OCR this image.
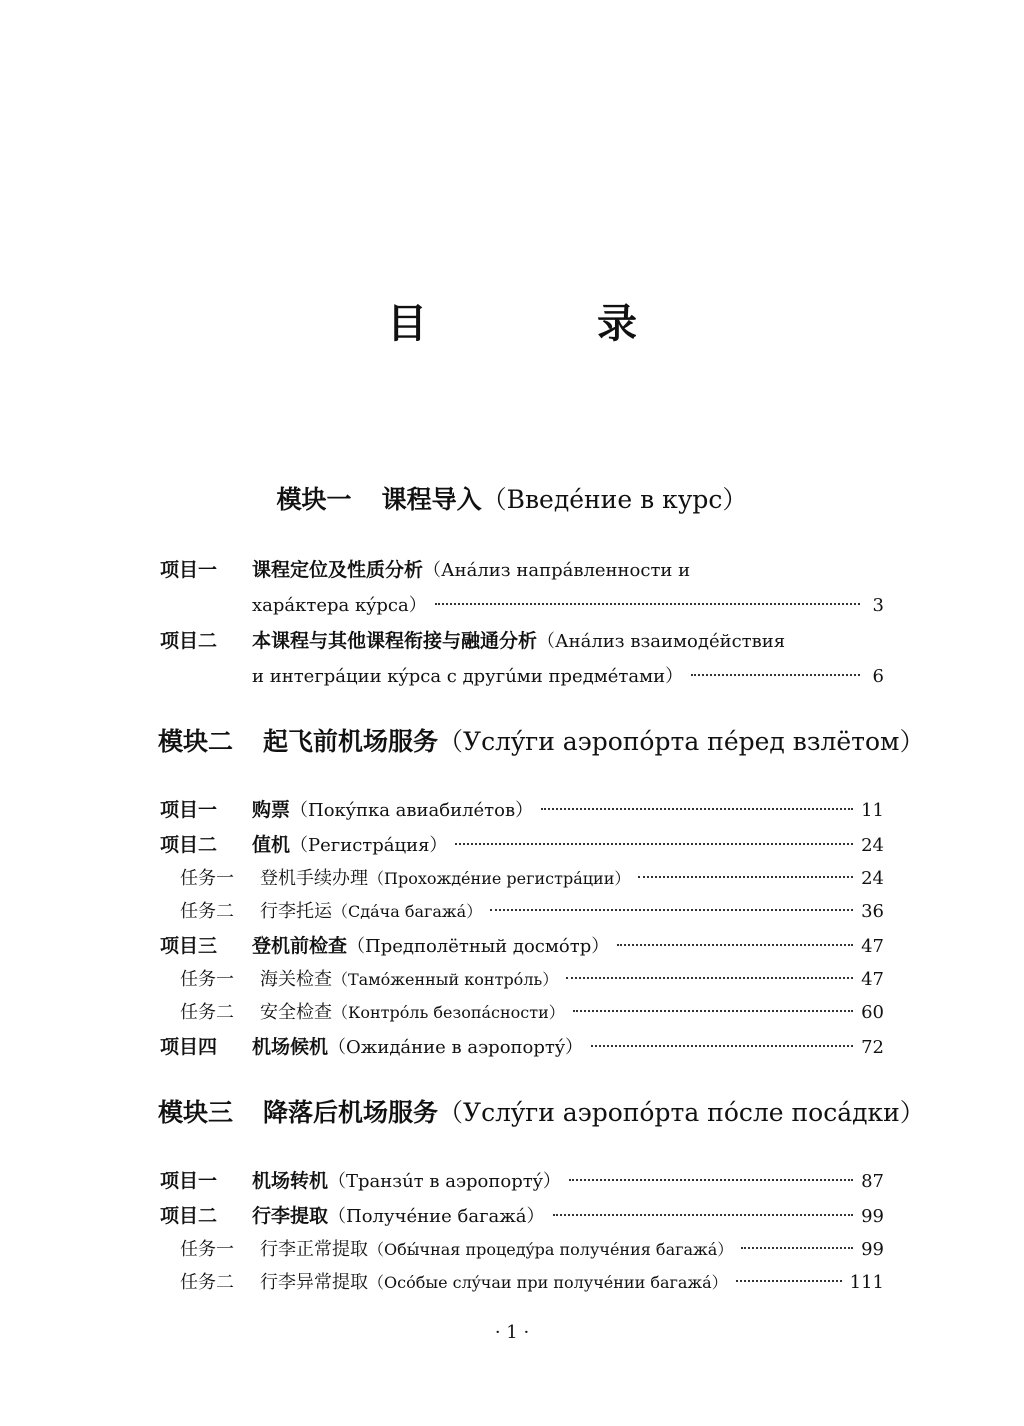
目 录
模块一 课程导入（Введéние в курс）
项目一 课程定位及性质分析 （Анáлиз напрáвленности и
харáктера кýрса）	3
项目二 本课程与其他课程衔接与融通分析 （Анáлиз взаимодéйствия
и интегрáции кýрса с другúми предмéтами）	6
模块二 起飞前机场服务（Услýги аэропóрта пéред взлётом）
项目一 购票 （Покýпка авиабилéтов）	11
项目二 值机 （Регистрáция）	24
任务一 登机手续办理 （Прохождéние регистрáции）	24
任务二 行李托运 （Сдáча багажá）	36
项目三 登机前检查 （Предполётный досмóтр）	47
任务一 海关检查 （Тамóженный контрóль）	47
任务二 安全检查 （Контрóль безопáсности）	60
项目四 机场候机 （Ожидáние в аэропортý）	72
模块三 降落后机场服务（Услýги аэропóрта пóсле посáдки）
项目一 机场转机 （Транзúт в аэропортý）	87
项目二 行李提取 （Получéние багажá）	99
任务一 行李正常提取 （Обы́чная процедýра получéния багажá）	99
任务二 行李异常提取 （Осóбые слýчаи при получéнии багажá）	111
· 1 ·
